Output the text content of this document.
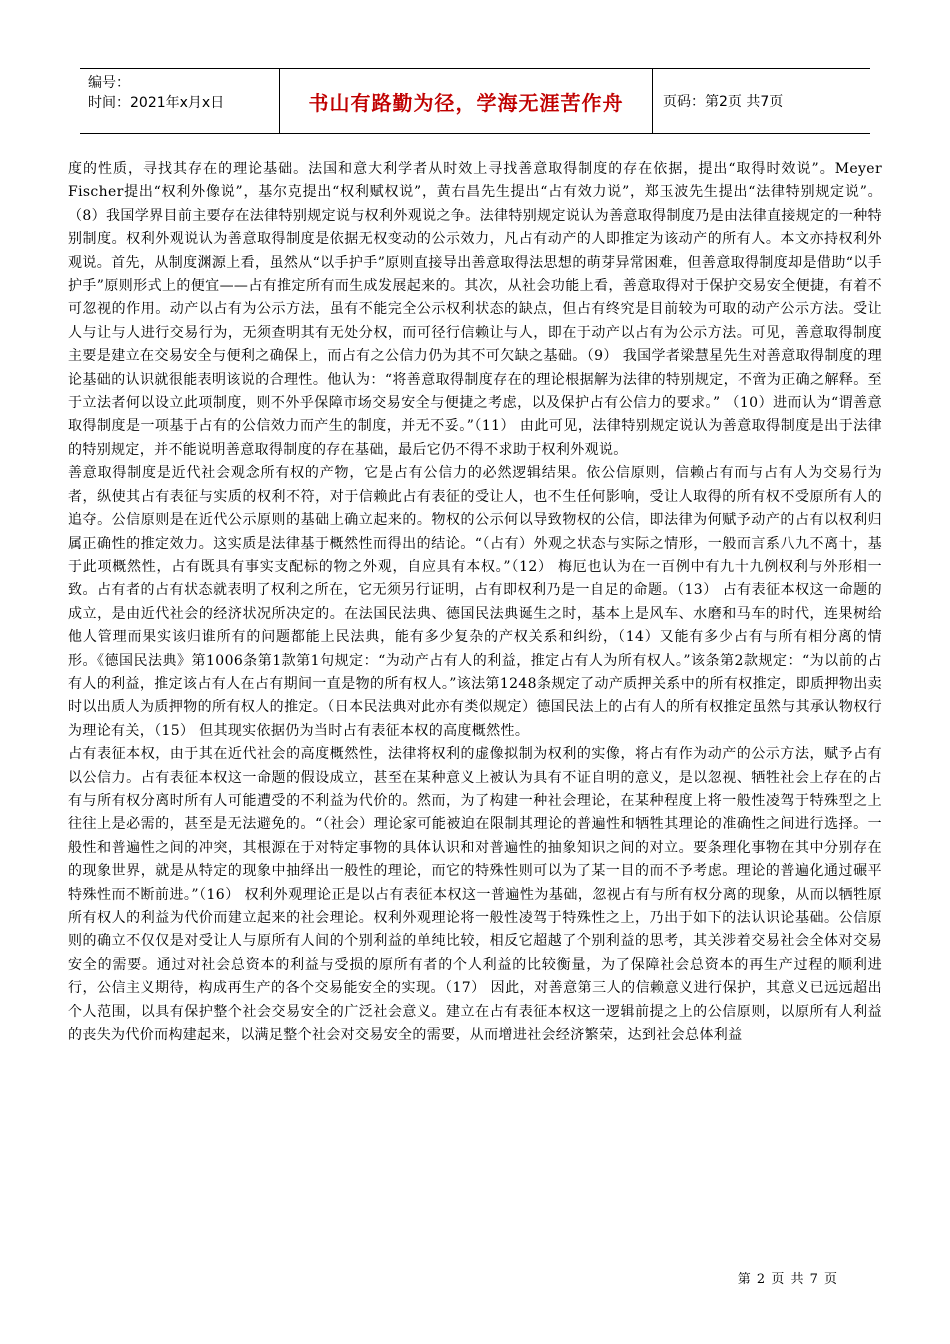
编号：
时间：2021年x月x日	书山有路勤为径，学海无涯苦作舟	页码：第2页 共7页

度的性质，寻找其存在的理论基础。法国和意大利学者从时效上寻找善意取得制度的存在依据，提出“取得时效说”。Meyer Fischer提出“权利外像说”，基尔克提出“权利赋权说”，黄右昌先生提出“占有效力说”，郑玉波先生提出“法律特别规定说”。 （8）我国学界目前主要存在法律特别规定说与权利外观说之争。法律特别规定说认为善意取得制度乃是由法律直接规定的一种特别制度。权利外观说认为善意取得制度是依据无权变动的公示效力，凡占有动产的人即推定为该动产的所有人。本文亦持权利外观说。首先，从制度渊源上看，虽然从“以手护手”原则直接导出善意取得法思想的萌芽异常困难，但善意取得制度却是借助“以手护手”原则形式上的便宜——占有推定所有而生成发展起来的。其次，从社会功能上看，善意取得对于保护交易安全便捷，有着不可忽视的作用。动产以占有为公示方法，虽有不能完全公示权利状态的缺点，但占有终究是目前较为可取的动产公示方法。受让人与让与人进行交易行为，无须查明其有无处分权，而可径行信赖让与人，即在于动产以占有为公示方法。可见，善意取得制度主要是建立在交易安全与便利之确保上，而占有之公信力仍为其不可欠缺之基础。（9） 我国学者梁慧星先生对善意取得制度的理论基础的认识就很能表明该说的合理性。他认为：“将善意取得制度存在的理论根据解为法律的特别规定，不啻为正确之解释。至于立法者何以设立此项制度，则不外乎保障市场交易安全与便捷之考虑，以及保护占有公信力的要求。” （10）进而认为“谓善意取得制度是一项基于占有的公信效力而产生的制度，并无不妥。”（11） 由此可见，法律特别规定说认为善意取得制度是出于法律的特别规定，并不能说明善意取得制度的存在基础，最后它仍不得不求助于权利外观说。

善意取得制度是近代社会观念所有权的产物，它是占有公信力的必然逻辑结果。依公信原则，信赖占有而与占有人为交易行为者，纵使其占有表征与实质的权利不符，对于信赖此占有表征的受让人，也不生任何影响，受让人取得的所有权不受原所有人的追夺。公信原则是在近代公示原则的基础上确立起来的。物权的公示何以导致物权的公信，即法律为何赋予动产的占有以权利归属正确性的推定效力。这实质是法律基于概然性而得出的结论。“（占有）外观之状态与实际之情形，一般而言系八九不离十，基于此项概然性，占有既具有事实支配标的物之外观，自应具有本权。”（12） 梅厄也认为在一百例中有九十九例权利与外形相一致。占有者的占有状态就表明了权利之所在，它无须另行证明，占有即权利乃是一自足的命题。（13） 占有表征本权这一命题的成立，是由近代社会的经济状况所决定的。在法国民法典、德国民法典诞生之时，基本上是风车、水磨和马车的时代，连果树给他人管理而果实该归谁所有的问题都能上民法典，能有多少复杂的产权关系和纠纷，（14）又能有多少占有与所有相分离的情形。《德国民法典》第1006条第1款第1句规定：“为动产占有人的利益，推定占有人为所有权人。”该条第2款规定：“为以前的占有人的利益，推定该占有人在占有期间一直是物的所有权人。”该法第1248条规定了动产质押关系中的所有权推定，即质押物出卖时以出质人为质押物的所有权人的推定。（日本民法典对此亦有类似规定）德国民法上的占有人的所有权推定虽然与其承认物权行为理论有关，（15） 但其现实依据仍为当时占有表征本权的高度概然性。

占有表征本权，由于其在近代社会的高度概然性，法律将权利的虚像拟制为权利的实像，将占有作为动产的公示方法，赋予占有以公信力。占有表征本权这一命题的假设成立，甚至在某种意义上被认为具有不证自明的意义，是以忽视、牺牲社会上存在的占有与所有权分离时所有人可能遭受的不利益为代价的。然而，为了构建一种社会理论，在某种程度上将一般性凌驾于特殊型之上往往上是必需的，甚至是无法避免的。“（社会）理论家可能被迫在限制其理论的普遍性和牺牲其理论的准确性之间进行选择。一般性和普遍性之间的冲突，其根源在于对特定事物的具体认识和对普遍性的抽象知识之间的对立。要条理化事物在其中分别存在的现象世界，就是从特定的现象中抽绎出一般性的理论，而它的特殊性则可以为了某一目的而不予考虑。理论的普遍化通过碾平特殊性而不断前进。”（16） 权利外观理论正是以占有表征本权这一普遍性为基础，忽视占有与所有权分离的现象，从而以牺牲原所有权人的利益为代价而建立起来的社会理论。权利外观理论将一般性凌驾于特殊性之上，乃出于如下的法认识论基础。公信原则的确立不仅仅是对受让人与原所有人间的个别利益的单纯比较，相反它超越了个别利益的思考，其关涉着交易社会全体对交易安全的需要。通过对社会总资本的利益与受损的原所有者的个人利益的比较衡量，为了保障社会总资本的再生产过程的顺利进行，公信主义期待，构成再生产的各个交易能安全的实现。（17） 因此，对善意第三人的信赖意义进行保护，其意义已远远超出个人范围，以具有保护整个社会交易安全的广泛社会意义。建立在占有表征本权这一逻辑前提之上的公信原则，以原所有人利益的丧失为代价而构建起来，以满足整个社会对交易安全的需要，从而增进社会经济繁荣，达到社会总体利益

第 2 页 共 7 页
